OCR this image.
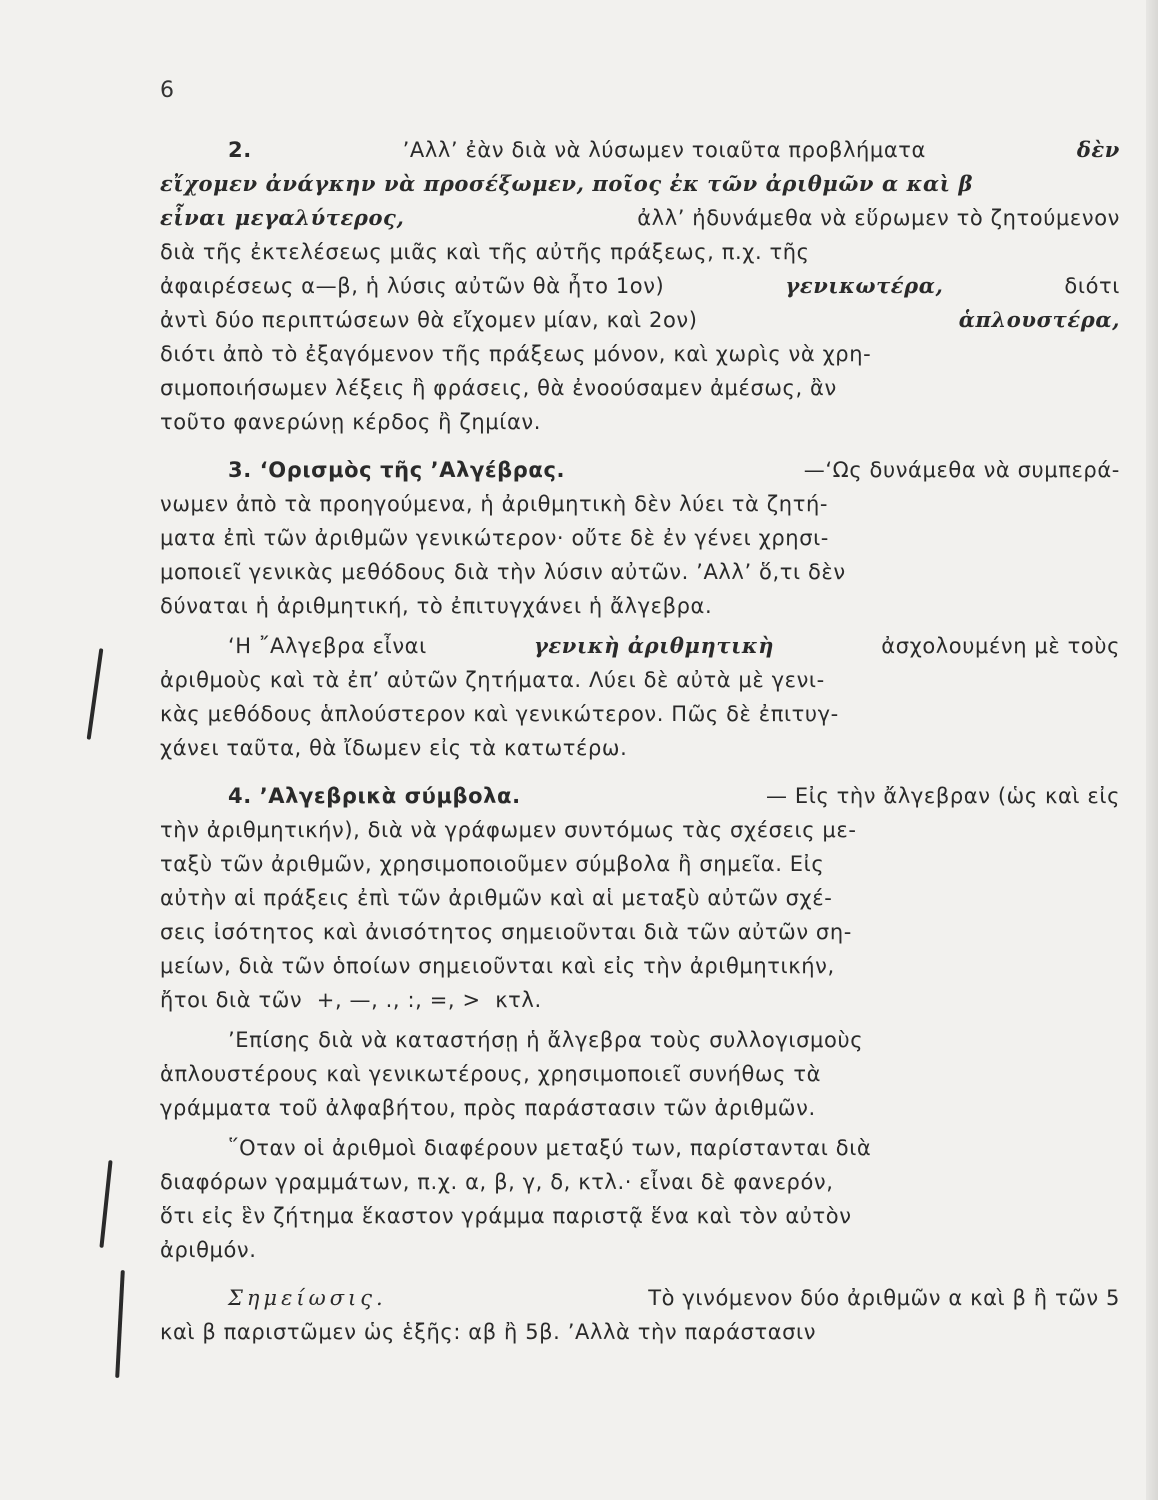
6
2.	’Αλλ’ ἐὰν διὰ νὰ λύσωμεν τοιαῦτα προβλήματα	δὲν
εἴχομεν ἀνάγκην νὰ προσέξωμεν, ποῖος ἐκ τῶν ἀριθμῶν α καὶ β
εἶναι μεγαλύτερος,	ἀλλ’ ἠδυνάμεθα νὰ εὕρωμεν τὸ ζητούμενον
διὰ τῆς ἐκτελέσεως μιᾶς καὶ τῆς αὐτῆς πράξεως, π.χ. τῆς
ἀφαιρέσεως α—β, ἡ λύσις αὐτῶν θὰ ἦτο 1ον)	γενικωτέρα,	διότι
ἀντὶ δύο περιπτώσεων θὰ εἴχομεν μίαν, καὶ 2ον)	ἁπλουστέρα,
διότι ἀπὸ τὸ ἐξαγόμενον τῆς πράξεως μόνον, καὶ χωρὶς νὰ χρη-
σιμοποιήσωμεν λέξεις ἢ φράσεις, θὰ ἐνοούσαμεν ἀμέσως, ἂν
τοῦτο φανερώνῃ κέρδος ἢ ζημίαν.
3. ‘Ορισμὸς τῆς ’Αλγέβρας.	—‘Ως δυνάμεθα νὰ συμπερά-
νωμεν ἀπὸ τὰ προηγούμενα, ἡ ἀριθμητικὴ δὲν λύει τὰ ζητή-
ματα ἐπὶ τῶν ἀριθμῶν γενικώτερον· οὔτε δὲ ἐν γένει χρησι-
μοποιεῖ γενικὰς μεθόδους διὰ τὴν λύσιν αὐτῶν. ’Αλλ’ ὅ,τι δὲν
δύναται ἡ ἀριθμητική, τὸ ἐπιτυγχάνει ἡ ἄλγεβρα.
‘Η ῎Αλγεβρα εἶναι	γενικὴ ἀριθμητικὴ	ἀσχολουμένη μὲ τοὺς
ἀριθμοὺς καὶ τὰ ἐπ’ αὐτῶν ζητήματα. Λύει δὲ αὐτὰ μὲ γενι-
κὰς μεθόδους ἁπλούστερον καὶ γενικώτερον. Πῶς δὲ ἐπιτυγ-
χάνει ταῦτα, θὰ ἴδωμεν εἰς τὰ κατωτέρω.
4. ’Αλγεβρικὰ σύμβολα.	— Εἰς τὴν ἄλγεβραν (ὡς καὶ εἰς
τὴν ἀριθμητικήν), διὰ νὰ γράφωμεν συντόμως τὰς σχέσεις με-
ταξὺ τῶν ἀριθμῶν, χρησιμοποιοῦμεν σύμβολα ἢ σημεῖα. Εἰς
αὐτὴν αἱ πράξεις ἐπὶ τῶν ἀριθμῶν καὶ αἱ μεταξὺ αὐτῶν σχέ-
σεις ἰσότητος καὶ ἀνισότητος σημειοῦνται διὰ τῶν αὐτῶν ση-
μείων, διὰ τῶν ὁποίων σημειοῦνται καὶ εἰς τὴν ἀριθμητικήν,
ἤτοι διὰ τῶν  +, —, ., :, =, >  κτλ.
’Επίσης διὰ νὰ καταστήσῃ ἡ ἄλγεβρα τοὺς συλλογισμοὺς
ἁπλουστέρους καὶ γενικωτέρους, χρησιμοποιεῖ συνήθως τὰ
γράμματα τοῦ ἀλφαβήτου, πρὸς παράστασιν τῶν ἀριθμῶν.
῞Οταν οἱ ἀριθμοὶ διαφέρουν μεταξύ των, παρίστανται διὰ
διαφόρων γραμμάτων, π.χ. α, β, γ, δ, κτλ.· εἶναι δὲ φανερόν,
ὅτι εἰς ἓν ζήτημα ἕκαστον γράμμα παριστᾷ ἕνα καὶ τὸν αὐτὸν
ἀριθμόν.
Σημείωσις.	Τὸ γινόμενον δύο ἀριθμῶν α καὶ β ἢ τῶν 5
καὶ β παριστῶμεν ὡς ἑξῆς: αβ ἢ 5β. ’Αλλὰ τὴν παράστασιν
